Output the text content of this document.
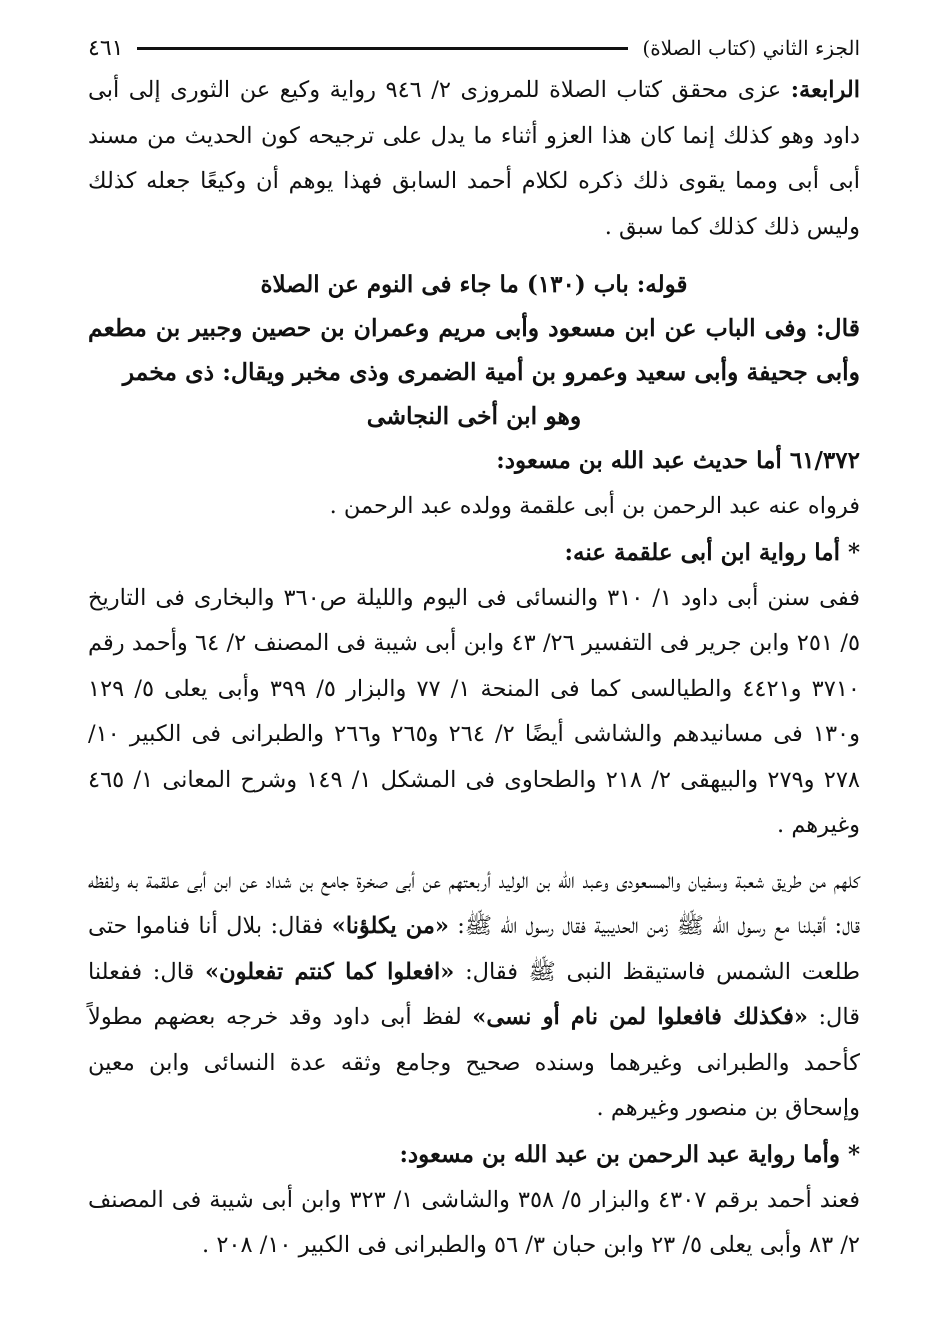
الجزء الثاني (كتاب الصلاة)
٤٦١

الرابعة: عزى محقق كتاب الصلاة للمروزى ٢/ ٩٤٦ رواية وكيع عن الثورى إلى أبى داود وهو كذلك إنما كان هذا العزو أثناء ما يدل على ترجيحه كون الحديث من مسند أبى أبى ومما يقوى ذلك ذكره لكلام أحمد السابق فهذا يوهم أن وكيعًا جعله كذلك وليس ذلك كذلك كما سبق .

قوله: باب (١٣٠) ما جاء فى النوم عن الصلاة

قال: وفى الباب عن ابن مسعود وأبى مريم وعمران بن حصين وجبير بن مطعم وأبى جحيفة وأبى سعيد وعمرو بن أمية الضمرى وذى مخبر ويقال: ذى مخمر
وهو ابن أخى النجاشى

٦١/٣٧٢ أما حديث عبد الله بن مسعود:

فرواه عنه عبد الرحمن بن أبى علقمة وولده عبد الرحمن .

* أما رواية ابن أبى علقمة عنه:

ففى سنن أبى داود ١/ ٣١٠ والنسائى فى اليوم والليلة ص٣٦٠ والبخارى فى التاريخ ٥/ ٢٥١ وابن جرير فى التفسير ٢٦/ ٤٣ وابن أبى شيبة فى المصنف ٢/ ٦٤ وأحمد رقم ٣٧١٠ و٤٤٢١ والطيالسى كما فى المنحة ١/ ٧٧ والبزار ٥/ ٣٩٩ وأبى يعلى ٥/ ١٢٩ و١٣٠ فى مسانيدهم والشاشى أيضًا ٢/ ٢٦٤ و٢٦٥ و٢٦٦ والطبرانى فى الكبير ١٠/ ٢٧٨ و٢٧٩ والبيهقى ٢/ ٢١٨ والطحاوى فى المشكل ١/ ١٤٩ وشرح المعانى ١/ ٤٦٥ وغيرهم .

كلهم من طريق شعبة وسفيان والمسعودى وعبد الله بن الوليد أربعتهم عن أبى صخرة جامع بن شداد عن ابن أبى علقمة به ولفظه قال: أقبلنا مع رسول الله ﷺ زمن الحديبية فقال رسول الله ﷺ: «من يكلؤنا» فقال: بلال أنا فناموا حتى طلعت الشمس فاستيقظ النبى ﷺ فقال: «افعلوا كما كنتم تفعلون» قال: ففعلنا قال: «فكذلك فافعلوا لمن نام أو نسى» لفظ أبى داود وقد خرجه بعضهم مطولاً كأحمد والطبرانى وغيرهما وسنده صحيح وجامع وثقه عدة النسائى وابن معين وإسحاق بن منصور وغيرهم .

* وأما رواية عبد الرحمن بن عبد الله بن مسعود:

فعند أحمد برقم ٤٣٠٧ والبزار ٥/ ٣٥٨ والشاشى ١/ ٣٢٣ وابن أبى شيبة فى المصنف ٢/ ٨٣ وأبى يعلى ٥/ ٢٣ وابن حبان ٣/ ٥٦ والطبرانى فى الكبير ١٠/ ٢٠٨ .
